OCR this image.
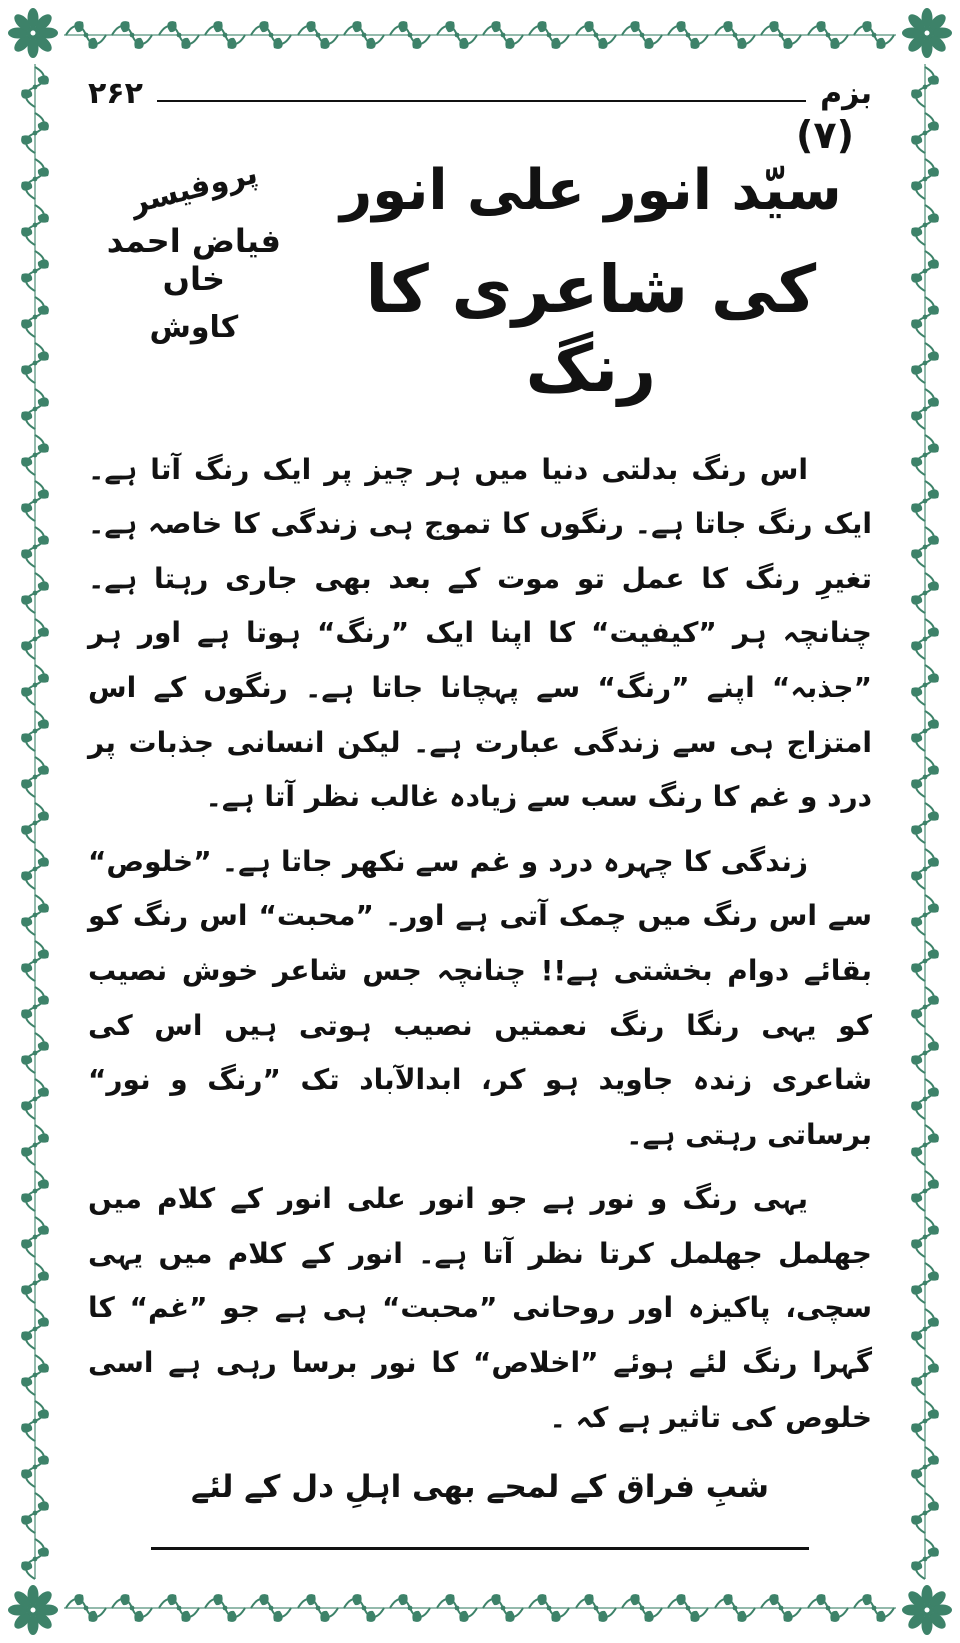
۲۶۲	بزم
(۷)
پروفیسر
فیاض احمد خاں
کاوش
سیّد انور علی انور
کی شاعری کا رنگ

اس رنگ بدلتی دنیا میں ہر چیز پر ایک رنگ آتا ہے۔ ایک رنگ جاتا ہے۔ رنگوں کا تموج ہی زندگی کا خاصہ ہے۔ تغیرِ رنگ کا عمل تو موت کے بعد بھی جاری رہتا ہے۔ چنانچہ ہر ”کیفیت“ کا اپنا ایک ”رنگ“ ہوتا ہے اور ہر ”جذبہ“ اپنے ”رنگ“ سے پہچانا جاتا ہے۔ رنگوں کے اس امتزاج ہی سے زندگی عبارت ہے۔ لیکن انسانی جذبات پر درد و غم کا رنگ سب سے زیادہ غالب نظر آتا ہے۔

زندگی کا چہرہ درد و غم سے نکھر جاتا ہے۔ ”خلوص“ سے اس رنگ میں چمک آتی ہے اور۔ ”محبت“ اس رنگ کو بقائے دوام بخشتی ہے!! چنانچہ جس شاعر خوش نصیب کو یہی رنگا رنگ نعمتیں نصیب ہوتی ہیں اس کی شاعری زندہ جاوید ہو کر، ابدالآباد تک ”رنگ و نور“ برساتی رہتی ہے۔

یہی رنگ و نور ہے جو انور علی انور کے کلام میں جھلمل جھلمل کرتا نظر آتا ہے۔ انور کے کلام میں یہی سچی، پاکیزہ اور روحانی ”محبت“ ہی ہے جو ”غم“ کا گہرا رنگ لئے ہوئے ”اخلاص“ کا نور برسا رہی ہے اسی خلوص کی تاثیر ہے کہ ۔

شبِ فراق کے لمحے بھی اہلِ دل کے لئے
